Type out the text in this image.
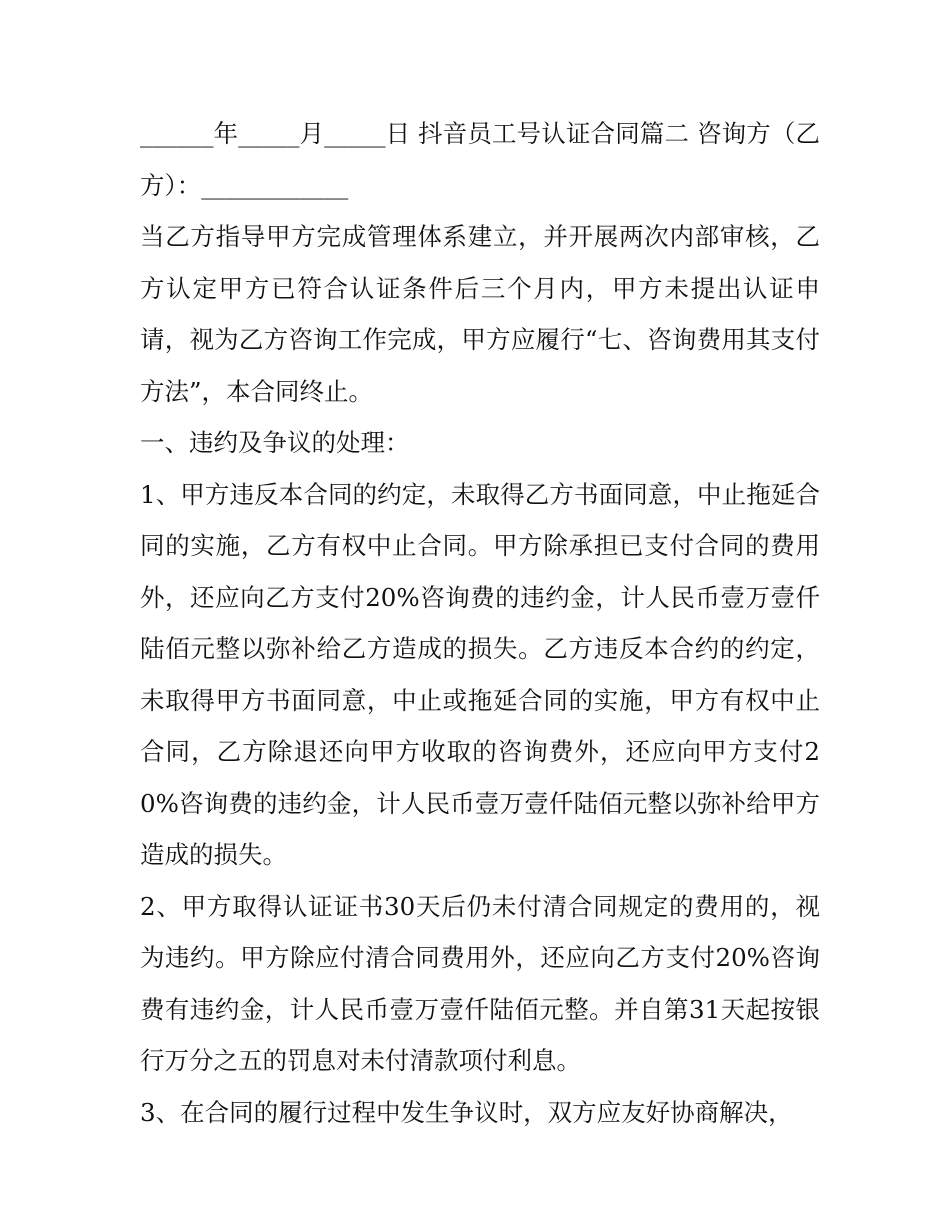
______年_____月_____日 抖音员工号认证合同篇二 咨询方（乙方）：____________

当乙方指导甲方完成管理体系建立，并开展两次内部审核，乙方认定甲方已符合认证条件后三个月内，甲方未提出认证申请，视为乙方咨询工作完成，甲方应履行“七、咨询费用其支付方法”，本合同终止。

一、违约及争议的处理：

1、甲方违反本合同的约定，未取得乙方书面同意，中止拖延合同的实施，乙方有权中止合同。甲方除承担已支付合同的费用外，还应向乙方支付20%咨询费的违约金，计人民币壹万壹仟陆佰元整以弥补给乙方造成的损失。乙方违反本合约的约定，未取得甲方书面同意，中止或拖延合同的实施，甲方有权中止合同，乙方除退还向甲方收取的咨询费外，还应向甲方支付20%咨询费的违约金，计人民币壹万壹仟陆佰元整以弥补给甲方造成的损失。

2、甲方取得认证证书30天后仍未付清合同规定的费用的，视为违约。甲方除应付清合同费用外，还应向乙方支付20%咨询费有违约金，计人民币壹万壹仟陆佰元整。并自第31天起按银行万分之五的罚息对未付清款项付利息。

3、在合同的履行过程中发生争议时，双方应友好协商解决，
